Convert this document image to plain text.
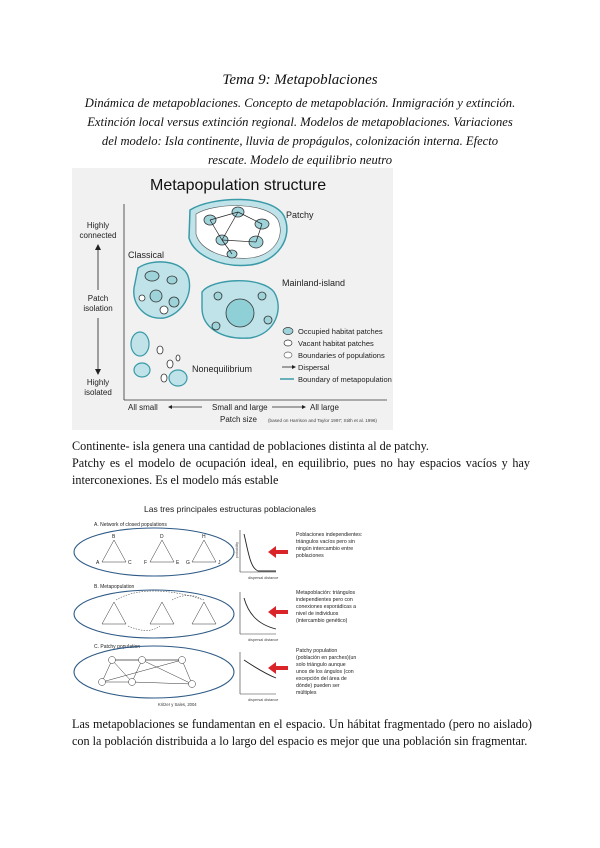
Tema 9: Metapoblaciones
Dinámica de metapoblaciones. Concepto de metapoblación. Inmigración y extinción. Extinción local versus extinción regional. Modelos de metapoblaciones. Variaciones del modelo: Isla continente, lluvia de propágulos, colonización interna. Efecto rescate. Modelo de equilibrio neutro
Metapopulation structure
Highly
connected
Patch
isolation
Highly
isolated
Patchy
Classical
Mainland-island
Nonequilibrium
Occupied habitat patches
Vacant habitat patches
Boundaries of populations
Dispersal
Boundary of metapopulation
All small	Small and large	All large
Patch size (based on Harrison and Taylor 1997; Stith et al. 1996)
Continente- isla genera una cantidad de poblaciones distinta al de patchy.
Patchy es el modelo de ocupación ideal, en equilibrio, pues no hay espacios vacíos y hay interconexiones. Es el modelo más estable
Las tres principales estructuras poblacionales
A. Network of closed populations
B
A	C
D
F	E
H
G	J
probability
dispersal distance
Poblaciones independientes:
triángulos vacíos pero sin
ningún intercambio entre
poblaciones
B. Metapopulation
dispersal distance
Metapoblación: triángulos
independientes pero con
conexiones esporádicas a
nivel de individuos
(intercambio genético)
C. Patchy population
dispersal distance
Patchy population
(población en parches)(un
solo triángulo aunque
unos de los ángulos (con
excepción del área de
dónde) pueden ser
múltiples
Kritzer y Sales, 2004
Las metapoblaciones se fundamentan en el espacio. Un hábitat fragmentado (pero no aislado) con la población distribuida a lo largo del espacio es mejor que una población sin fragmentar.
